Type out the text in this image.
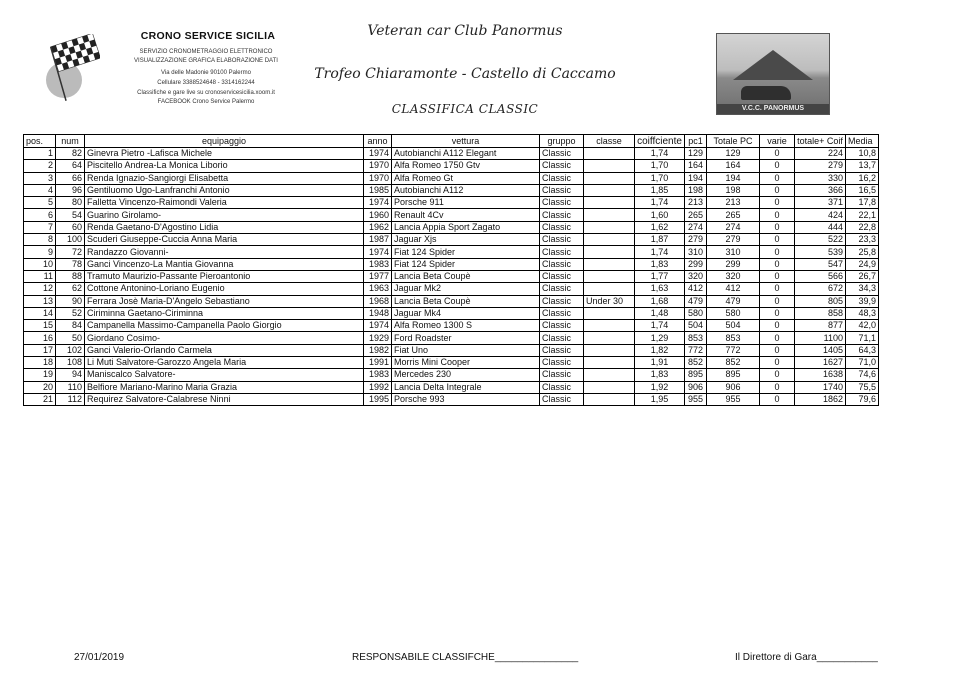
CRONO SERVICE SICILIA
SERVIZIO CRONOMETRAGGIO ELETTRONICO
VISUALIZZAZIONE GRAFICA ELABORAZIONE DATI
Via delle Madonie 90100 Palermo
Cellulare 3388524648 - 3314162244
Classifiche e gare live su cronoservicesicilia.xoom.it
FACEBOOK Crono Service Palermo
Veteran car Club Panormus
Trofeo Chiaramonte - Castello di Caccamo
CLASSIFICA CLASSIC	V.C.C. PANORMUS
pos.	num	equipaggio	anno	vettura	gruppo	classe	coiffciente	pc1	Totale PC	varie	totale+ Coif	Media
1	82	Ginevra Pietro -Lafisca Michele	1974	Autobianchi A112 Elegant	Classic		1,74	129	129	0	224	10,8
2	64	Piscitello Andrea-La Monica Liborio	1970	Alfa Romeo 1750 Gtv	Classic		1,70	164	164	0	279	13,7
3	66	Renda Ignazio-Sangiorgi Elisabetta	1970	Alfa Romeo Gt	Classic		1,70	194	194	0	330	16,2
4	96	Gentiluomo Ugo-Lanfranchi Antonio	1985	Autobianchi A112	Classic		1,85	198	198	0	366	16,5
5	80	Falletta Vincenzo-Raimondi Valeria	1974	Porsche 911	Classic		1,74	213	213	0	371	17,8
6	54	Guarino Girolamo-	1960	Renault 4Cv	Classic		1,60	265	265	0	424	22,1
7	60	Renda Gaetano-D'Agostino Lidia	1962	Lancia Appia Sport Zagato	Classic		1,62	274	274	0	444	22,8
8	100	Scuderi Giuseppe-Cuccia Anna Maria	1987	Jaguar Xjs	Classic		1,87	279	279	0	522	23,3
9	72	Randazzo Giovanni-	1974	Fiat 124 Spider	Classic		1,74	310	310	0	539	25,8
10	78	Ganci Vincenzo-La Mantia Giovanna	1983	Fiat 124 Spider	Classic		1,83	299	299	0	547	24,9
11	88	Tramuto Maurizio-Passante Pieroantonio	1977	Lancia Beta Coupè	Classic		1,77	320	320	0	566	26,7
12	62	Cottone Antonino-Loriano Eugenio	1963	Jaguar Mk2	Classic		1,63	412	412	0	672	34,3
13	90	Ferrara Josè Maria-D'Angelo Sebastiano	1968	Lancia Beta Coupè	Classic	Under 30	1,68	479	479	0	805	39,9
14	52	Ciriminna Gaetano-Ciriminna	1948	Jaguar Mk4	Classic		1,48	580	580	0	858	48,3
15	84	Campanella Massimo-Campanella Paolo Giorgio	1974	Alfa Romeo 1300 S	Classic		1,74	504	504	0	877	42,0
16	50	Giordano Cosimo-	1929	Ford Roadster	Classic		1,29	853	853	0	1100	71,1
17	102	Ganci Valerio-Orlando Carmela	1982	Fiat Uno	Classic		1,82	772	772	0	1405	64,3
18	108	Li Muti Salvatore-Garozzo Angela Maria	1991	Morris Mini Cooper	Classic		1,91	852	852	0	1627	71,0
19	94	Maniscalco Salvatore-	1983	Mercedes 230	Classic		1,83	895	895	0	1638	74,6
20	110	Belfiore Mariano-Marino Maria Grazia	1992	Lancia Delta Integrale	Classic		1,92	906	906	0	1740	75,5
21	112	Requirez Salvatore-Calabrese Ninni	1995	Porsche 993	Classic		1,95	955	955	0	1862	79,6
27/01/2019	RESPONSABILE CLASSIFCHE_______________	Il Direttore di Gara___________
